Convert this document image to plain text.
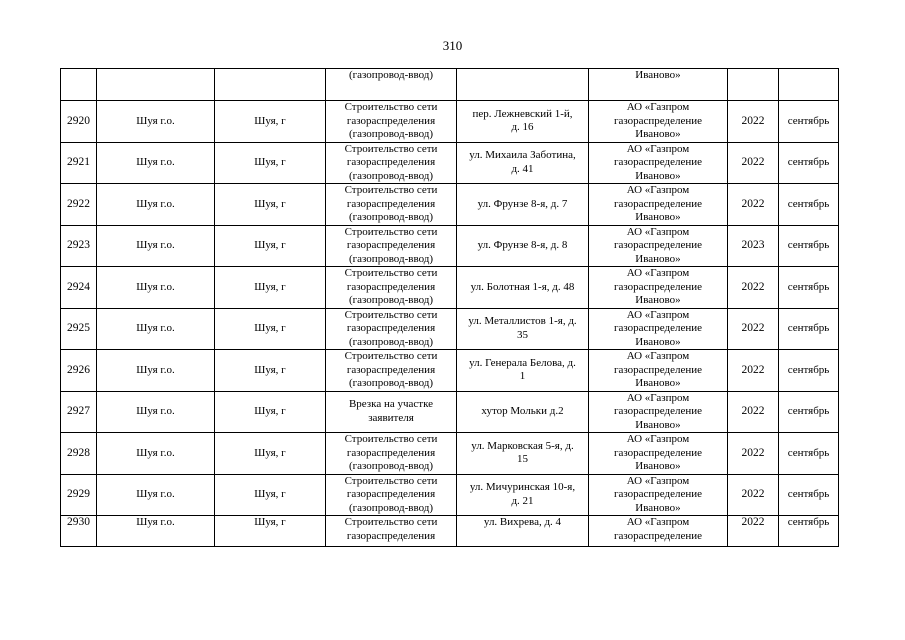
310

			(газопровод-ввод)		Иваново»		

2920	Шуя г.о.	Шуя, г	Строительство сети
газораспределения
(газопровод-ввод)	пер. Лежневский 1-й,
д. 16	АО «Газпром
газораспределение
Иваново»	2022	сентябрь
2921	Шуя г.о.	Шуя, г	Строительство сети
газораспределения
(газопровод-ввод)	ул. Михаила Заботина,
д. 41	АО «Газпром
газораспределение
Иваново»	2022	сентябрь
2922	Шуя г.о.	Шуя, г	Строительство сети
газораспределения
(газопровод-ввод)	ул. Фрунзе 8-я, д. 7	АО «Газпром
газораспределение
Иваново»	2022	сентябрь
2923	Шуя г.о.	Шуя, г	Строительство сети
газораспределения
(газопровод-ввод)	ул. Фрунзе 8-я, д. 8	АО «Газпром
газораспределение
Иваново»	2023	сентябрь
2924	Шуя г.о.	Шуя, г	Строительство сети
газораспределения
(газопровод-ввод)	ул. Болотная 1-я, д. 48	АО «Газпром
газораспределение
Иваново»	2022	сентябрь
2925	Шуя г.о.	Шуя, г	Строительство сети
газораспределения
(газопровод-ввод)	ул. Металлистов 1-я, д.
35	АО «Газпром
газораспределение
Иваново»	2022	сентябрь
2926	Шуя г.о.	Шуя, г	Строительство сети
газораспределения
(газопровод-ввод)	ул. Генерала Белова, д.
1	АО «Газпром
газораспределение
Иваново»	2022	сентябрь
2927	Шуя г.о.	Шуя, г	Врезка на участке
заявителя	хутор Мольки д.2	АО «Газпром
газораспределение
Иваново»	2022	сентябрь
2928	Шуя г.о.	Шуя, г	Строительство сети
газораспределения
(газопровод-ввод)	ул. Марковская 5-я, д.
15	АО «Газпром
газораспределение
Иваново»	2022	сентябрь
2929	Шуя г.о.	Шуя, г	Строительство сети
газораспределения
(газопровод-ввод)	ул. Мичуринская 10-я,
д. 21	АО «Газпром
газораспределение
Иваново»	2022	сентябрь
2930	Шуя г.о.	Шуя, г	Строительство сети
газораспределения	ул. Вихрева, д. 4	АО «Газпром
газораспределение	2022	сентябрь
